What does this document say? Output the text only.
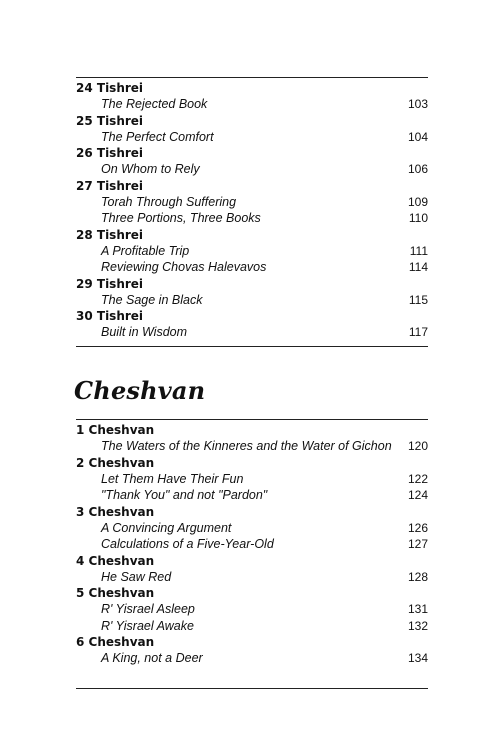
24 Tishrei
The Rejected Book	103
25 Tishrei
The Perfect Comfort	104
26 Tishrei
On Whom to Rely	106
27 Tishrei
Torah Through Suffering	109
Three Portions, Three Books	110
28 Tishrei
A Profitable Trip	111
Reviewing Chovas Halevavos	114
29 Tishrei
The Sage in Black	115
30 Tishrei
Built in Wisdom	117
Cheshvan
1 Cheshvan
The Waters of the Kinneres and the Water of Gichon 120
2 Cheshvan
Let Them Have Their Fun	122
"Thank You" and not "Pardon"	124
3 Cheshvan
A Convincing Argument	126
Calculations of a Five-Year-Old	127
4 Cheshvan
He Saw Red	128
5 Cheshvan
R' Yisrael Asleep	131
R' Yisrael Awake	132
6 Cheshvan
A King, not a Deer	134
